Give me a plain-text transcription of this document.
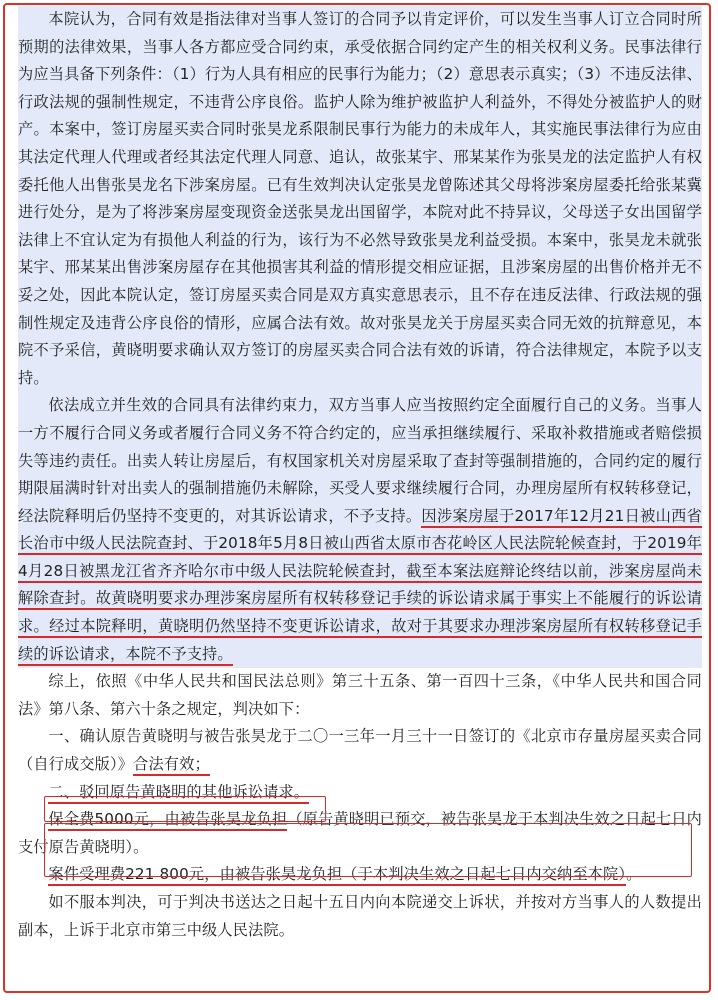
本院认为，合同有效是指法律对当事人签订的合同予以肯定评价，可以发生当事人订立合同时所预期的法律效果，当事人各方都应受合同约束，承受依据合同约定产生的相关权利义务。民事法律行为应当具备下列条件：（1）行为人具有相应的民事行为能力；（2）意思表示真实；（3）不违反法律、行政法规的强制性规定，不违背公序良俗。监护人除为维护被监护人利益外，不得处分被监护人的财产。本案中，签订房屋买卖合同时张昊龙系限制民事行为能力的未成年人，其实施民事法律行为应由其法定代理人代理或者经其法定代理人同意、追认，故张某宇、邢某某作为张昊龙的法定监护人有权委托他人出售张昊龙名下涉案房屋。已有生效判决认定张昊龙曾陈述其父母将涉案房屋委托给张某冀进行处分，是为了将涉案房屋变现资金送张昊龙出国留学，本院对此不持异议，父母送子女出国留学法律上不宜认定为有损他人利益的行为，该行为不必然导致张昊龙利益受损。本案中，张昊龙未就张某宇、邢某某出售涉案房屋存在其他损害其利益的情形提交相应证据，且涉案房屋的出售价格并无不妥之处，因此本院认定，签订房屋买卖合同是双方真实意思表示，且不存在违反法律、行政法规的强制性规定及违背公序良俗的情形，应属合法有效。故对张昊龙关于房屋买卖合同无效的抗辩意见，本院不予采信，黄晓明要求确认双方签订的房屋买卖合同合法有效的诉请，符合法律规定，本院予以支持。

依法成立并生效的合同具有法律约束力，双方当事人应当按照约定全面履行自己的义务。当事人一方不履行合同义务或者履行合同义务不符合约定的，应当承担继续履行、采取补救措施或者赔偿损失等违约责任。出卖人转让房屋后，有权国家机关对房屋采取了查封等强制措施的，合同约定的履行期限届满时针对出卖人的强制措施仍未解除，买受人要求继续履行合同，办理房屋所有权转移登记，经法院释明后仍坚持不变更的，对其诉讼请求，不予支持。因涉案房屋于2017年12月21日被山西省长治市中级人民法院查封、于2018年5月8日被山西省太原市杏花岭区人民法院轮候查封，于2019年4月28日被黑龙江省齐齐哈尔市中级人民法院轮候查封，截至本案法庭辩论终结以前，涉案房屋尚未解除查封。故黄晓明要求办理涉案房屋所有权转移登记手续的诉讼请求属于事实上不能履行的诉讼请求。经过本院释明，黄晓明仍然坚持不变更诉讼请求，故对于其要求办理涉案房屋所有权转移登记手续的诉讼请求，本院不予支持。

综上，依照《中华人民共和国民法总则》第三十五条、第一百四十三条，《中华人民共和国合同法》第八条、第六十条之规定，判决如下：

一、确认原告黄晓明与被告张昊龙于二〇一三年一月三十一日签订的《北京市存量房屋买卖合同（自行成交版）》合法有效；

二、驳回原告黄晓明的其他诉讼请求。

保全费5000元，由被告张昊龙负担（原告黄晓明已预交，被告张昊龙于本判决生效之日起七日内支付原告黄晓明）。

案件受理费221 800元，由被告张昊龙负担（于本判决生效之日起七日内交纳至本院）。

如不服本判决，可于判决书送达之日起十五日内向本院递交上诉状，并按对方当事人的人数提出副本，上诉于北京市第三中级人民法院。
